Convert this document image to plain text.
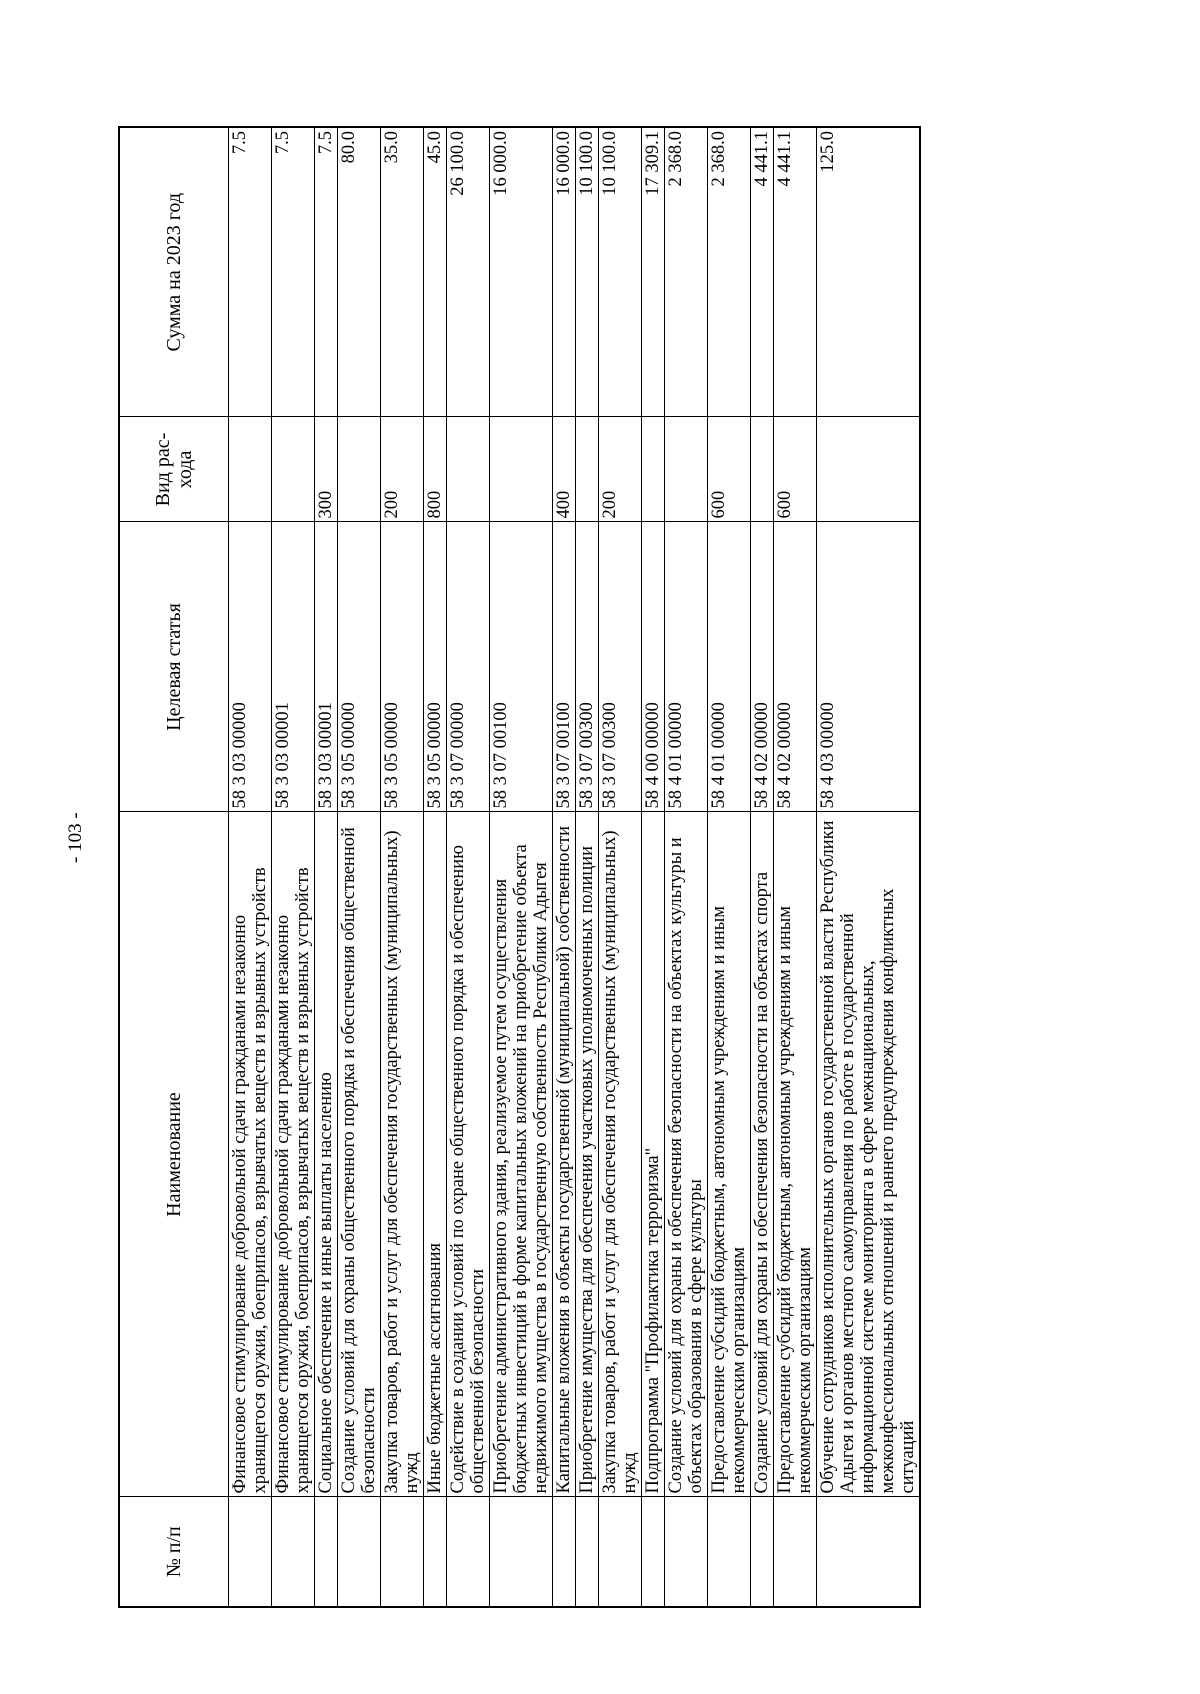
- 103 -
№ п/п	Наименование	Целевая статья	Вид рас- хода	Сумма на 2023 год
	Финансовое стимулирование добровольной сдачи гражданами незаконно хранящегося оружия, боеприпасов, взрывчатых веществ и взрывных устройств	58 3 03 00000		7.5
	Финансовое стимулирование добровольной сдачи гражданами незаконно хранящегося оружия, боеприпасов, взрывчатых веществ и взрывных устройств	58 3 03 00001		7.5
	Социальное обеспечение и иные выплаты населению	58 3 03 00001	300	7.5
	Создание условий для охраны общественного порядка и обеспечения общественной безопасности	58 3 05 00000		80.0
	Закупка товаров, работ и услуг для обеспечения государственных (муниципальных) нужд	58 3 05 00000	200	35.0
	Иные бюджетные ассигнования	58 3 05 00000	800	45.0
	Содействие в создании условий по охране общественного порядка и обеспечению общественной безопасности	58 3 07 00000		26 100.0
	Приобретение административного здания, реализуемое путем осуществления бюджетных инвестиций в форме капитальных вложений на приобретение объекта недвижимого имущества в государственную собственность Республики Адыгея	58 3 07 00100		16 000.0
	Капитальные вложения в объекты государственной (муниципальной) собственности	58 3 07 00100	400	16 000.0
	Приобретение имущества для обеспечения участковых уполномоченных полиции	58 3 07 00300		10 100.0
	Закупка товаров, работ и услуг для обеспечения государственных (муниципальных) нужд	58 3 07 00300	200	10 100.0
	Подпрограмма "Профилактика терроризма"	58 4 00 00000		17 309.1
	Создание условий для охраны и обеспечения безопасности на объектах культуры и объектах образования в сфере культуры	58 4 01 00000		2 368.0
	Предоставление субсидий бюджетным, автономным учреждениям и иным некоммерческим организациям	58 4 01 00000	600	2 368.0
	Создание условий для охраны и обеспечения безопасности на объектах спорта	58 4 02 00000		4 441.1
	Предоставление субсидий бюджетным, автономным учреждениям и иным некоммерческим организациям	58 4 02 00000	600	4 441.1
	Обучение сотрудников исполнительных органов государственной власти Республики Адыгея и органов местного самоуправления по работе в государственной информационной системе мониторинга в сфере межнациональных, межконфессиональных отношений и раннего предупреждения конфликтных ситуаций	58 4 03 00000		125.0
